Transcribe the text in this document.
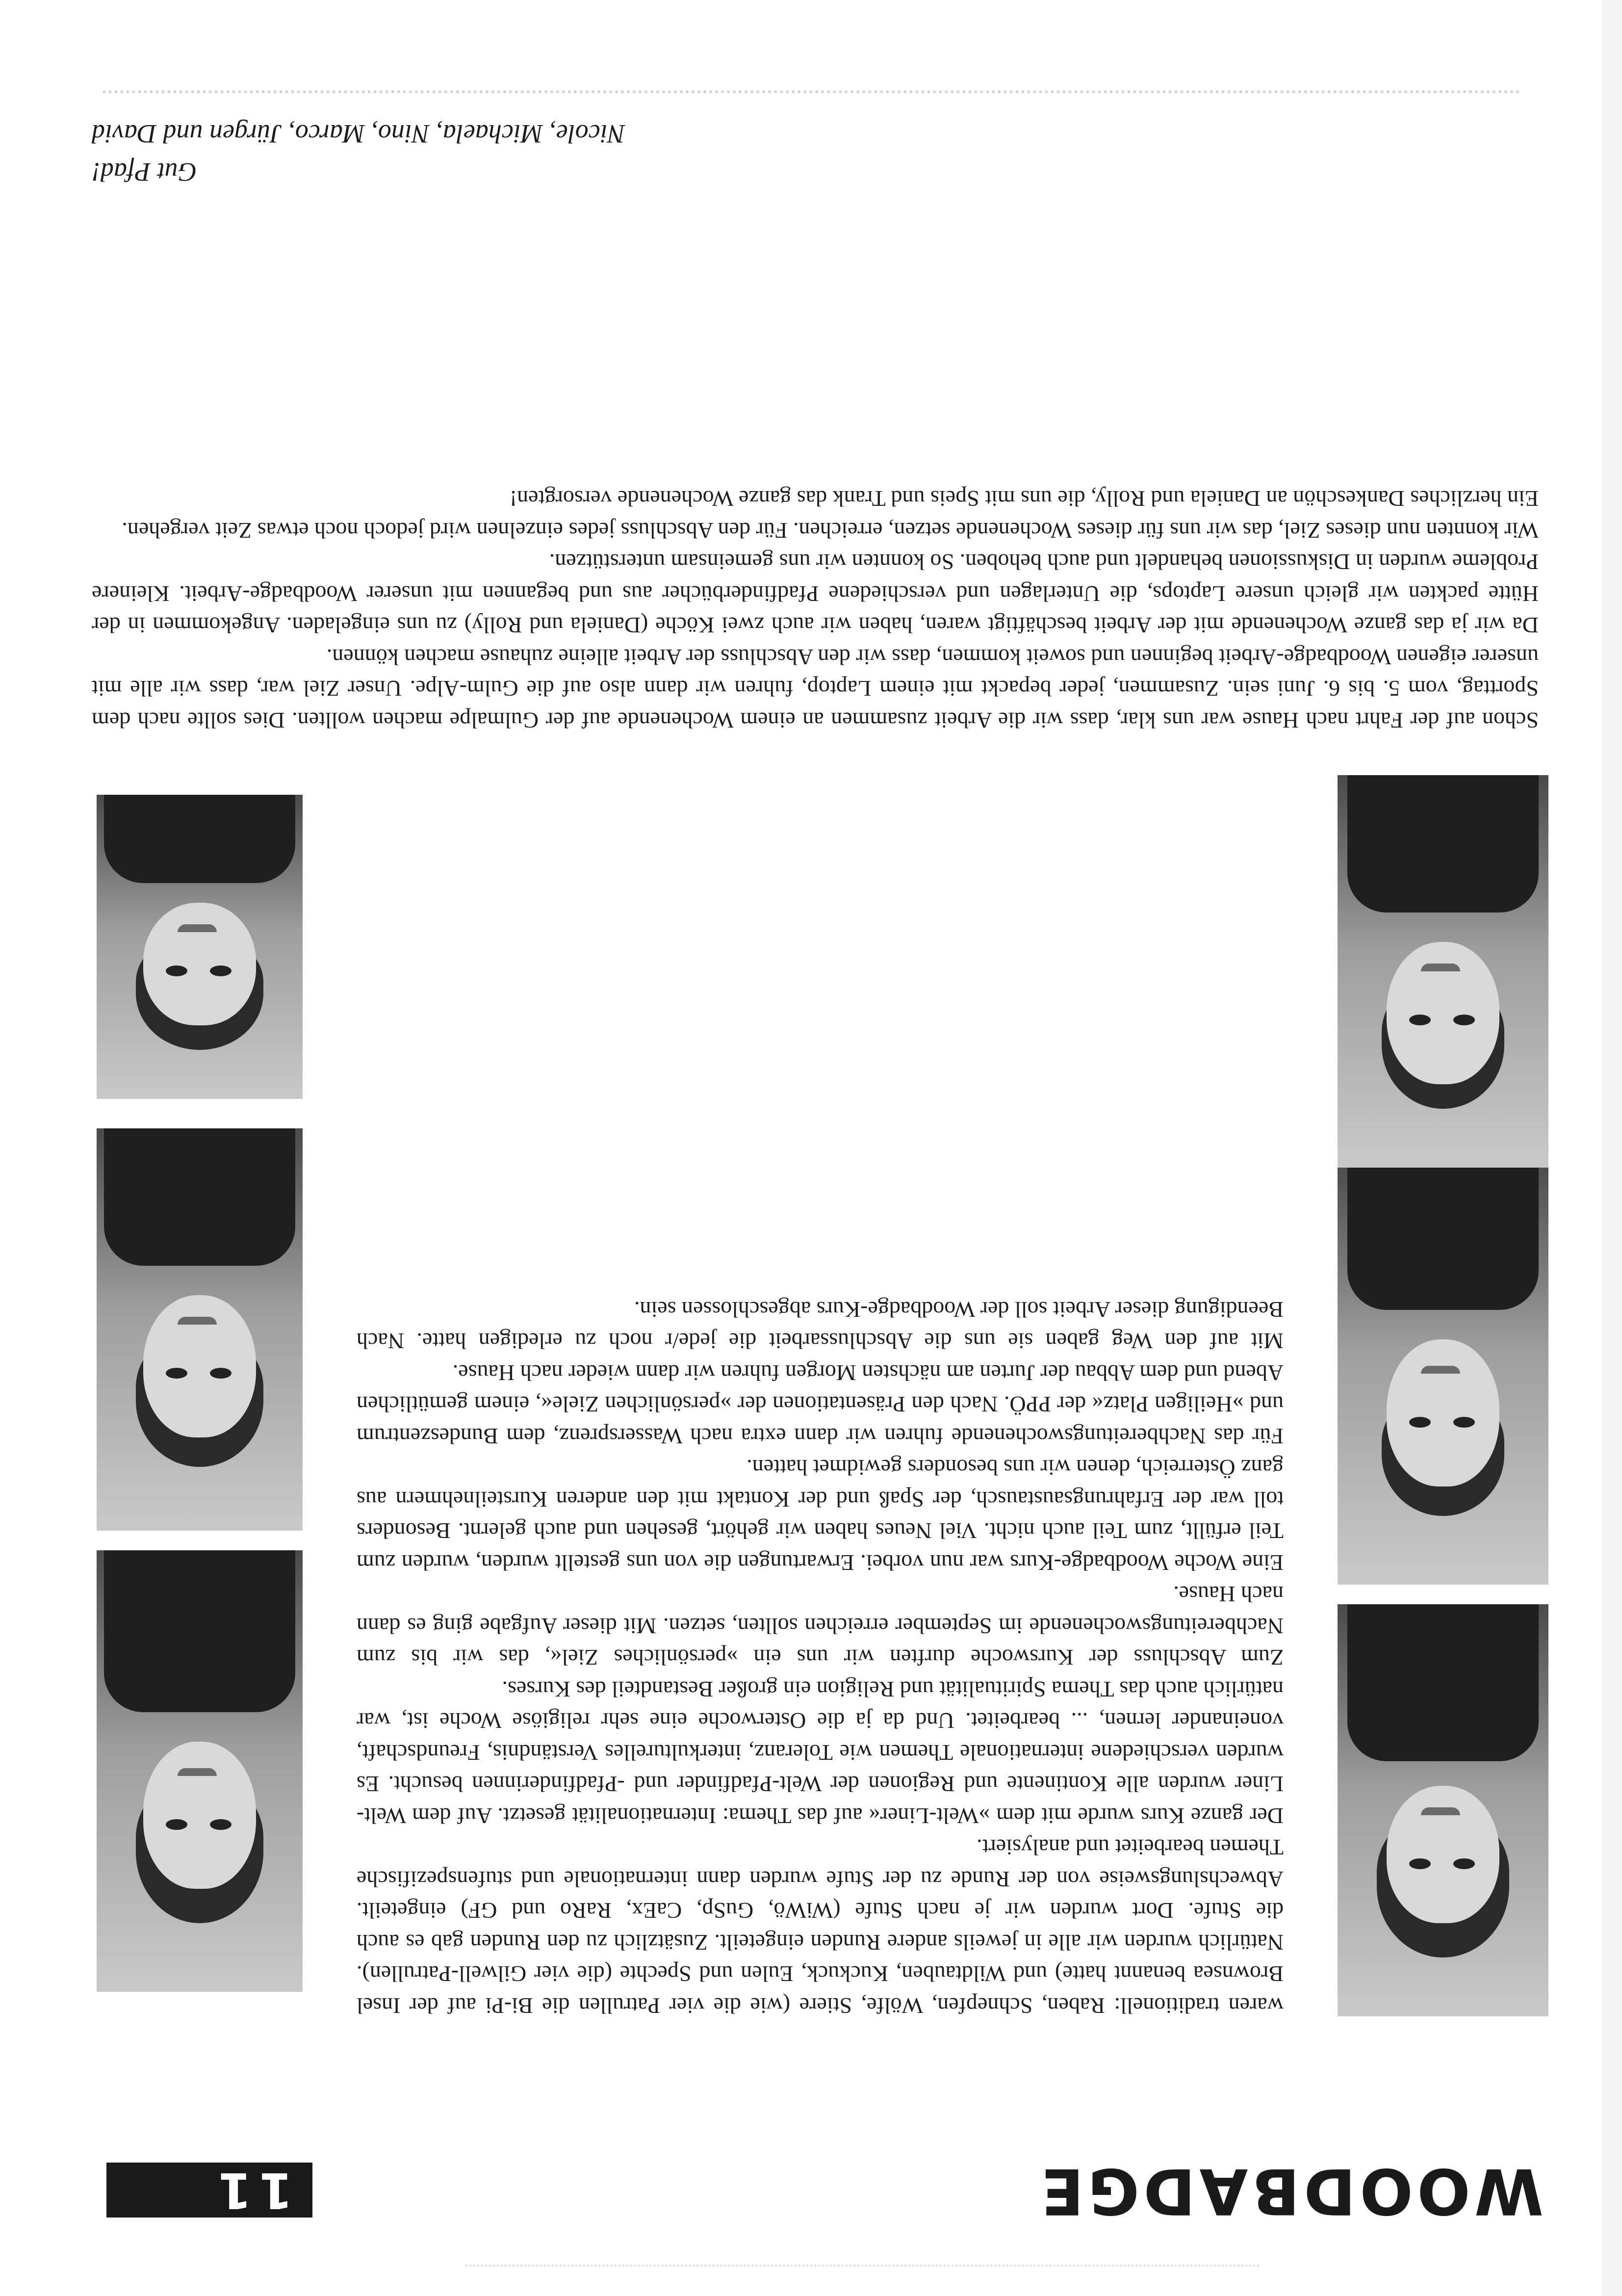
WOODBADGE
11

waren traditionell: Raben, Schnepfen, Wölfe, Stiere (wie die vier Patrullen die Bi-Pi auf der Insel Brownsea benannt hatte) und Wildtauben, Kuckuck, Eulen und Spechte (die vier Gilwell-Patrullen). Natürlich wurden wir alle in jeweils andere Runden eingeteilt. Zusätzlich zu den Runden gab es auch die Stufe. Dort wurden wir je nach Stufe (WiWö, GuSp, CaEx, RaRo und GF) eingeteilt. Abwechslungsweise von der Runde zu der Stufe wurden dann internationale und stufenspezifische Themen bearbeitet und analysiert.

Der ganze Kurs wurde mit dem »Welt-Liner« auf das Thema: Internationalität gesetzt. Auf dem Welt-Liner wurden alle Kontinente und Regionen der Welt-Pfadfinder und -Pfadfinderinnen besucht. Es wurden verschiedene internationale Themen wie Toleranz, interkulturelles Verständnis, Freundschaft, voneinander lernen, ... bearbeitet. Und da ja die Osterwoche eine sehr religiöse Woche ist, war natürlich auch das Thema Spiritualität und Religion ein großer Bestandteil des Kurses.

Zum Abschluss der Kurswoche durften wir uns ein »persönliches Ziel«, das wir bis zum Nachbereitungswochenende im September erreichen sollten, setzen. Mit dieser Aufgabe ging es dann nach Hause.

Eine Woche Woodbadge-Kurs war nun vorbei. Erwartungen die von uns gestellt wurden, wurden zum Teil erfüllt, zum Teil auch nicht. Viel Neues haben wir gehört, gesehen und auch gelernt. Besonders toll war der Erfahrungsaustausch, der Spaß und der Kontakt mit den anderen Kursteilnehmern aus ganz Österreich, denen wir uns besonders gewidmet hatten.

Für das Nachbereitungswochenende fuhren wir dann extra nach Wassersprenz, dem Bundeszentrum und »Heiligen Platz« der PPÖ. Nach den Präsentationen der »persönlichen Ziele«, einem gemütlichen Abend und dem Abbau der Jurten am nächsten Morgen fuhren wir dann wieder nach Hause.

Mit auf den Weg gaben sie uns die Abschlussarbeit die jede/r noch zu erledigen hatte. Nach Beendigung dieser Arbeit soll der Woodbadge-Kurs abgeschlossen sein.

Schon auf der Fahrt nach Hause war uns klar, dass wir die Arbeit zusammen an einem Wochenende auf der Gulmalpe machen wollten. Dies sollte nach dem Sporttag, vom 5. bis 6. Juni sein. Zusammen, jeder bepackt mit einem Laptop, fuhren wir dann also auf die Gulm-Alpe. Unser Ziel war, dass wir alle mit unserer eigenen Woodbadge-Arbeit beginnen und soweit kommen, dass wir den Abschluss der Arbeit alleine zuhause machen können.

Da wir ja das ganze Wochenende mit der Arbeit beschäftigt waren, haben wir auch zwei Köche (Daniela und Rolly) zu uns eingeladen. Angekommen in der Hütte packten wir gleich unsere Laptops, die Unterlagen und verschiedene Pfadfinderbücher aus und begannen mit unserer Woodbadge-Arbeit. Kleinere Probleme wurden in Diskussionen behandelt und auch behoben. So konnten wir uns gemeinsam unterstützen.

Wir konnten nun dieses Ziel, das wir uns für dieses Wochenende setzen, erreichen. Für den Abschluss jedes einzelnen wird jedoch noch etwas Zeit vergehen.

Ein herzliches Dankeschön an Daniela und Rolly, die uns mit Speis und Trank das ganze Wochenende versorgten!

Gut Pfad!
Nicole, Michaela, Nino, Marco, Jürgen und David
